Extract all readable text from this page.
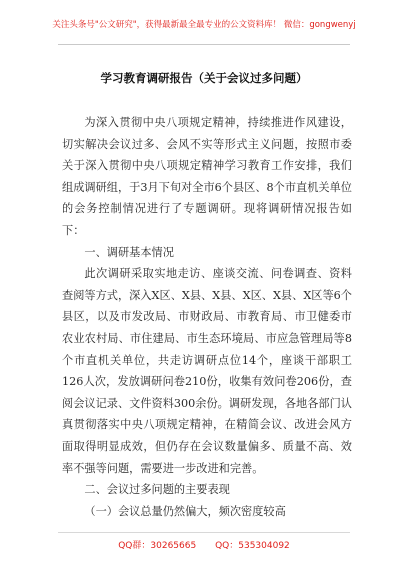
关注头条号"公文研究"，获得最新最全最专业的公文资料库！ 微信：gongwenyj
学习教育调研报告（关于会议过多问题）

为深入贯彻中央八项规定精神，持续推进作风建设，切实解决会议过多、会风不实等形式主义问题，按照市委关于深入贯彻中央八项规定精神学习教育工作安排，我们组成调研组，于3月下旬对全市6个县区、8个市直机关单位的会务控制情况进行了专题调研。现将调研情况报告如下：

一、调研基本情况

此次调研采取实地走访、座谈交流、问卷调查、资料查阅等方式，深入X区、X县、X县、X区、X县、X区等6个县区，以及市发改局、市财政局、市教育局、市卫健委市农业农村局、市住建局、市生态环境局、市应急管理局等8个市直机关单位，共走访调研点位14个，座谈干部职工126人次，发放调研问卷210份，收集有效问卷206份，查阅会议记录、文件资料300余份。调研发现，各地各部门认真贯彻落实中央八项规定精神，在精简会议、改进会风方面取得明显成效，但仍存在会议数量偏多、质量不高、效率不强等问题，需要进一步改进和完善。

二、会议过多问题的主要表现

（一）会议总量仍然偏大，频次密度较高

QQ群：30265665 QQ：535304092
